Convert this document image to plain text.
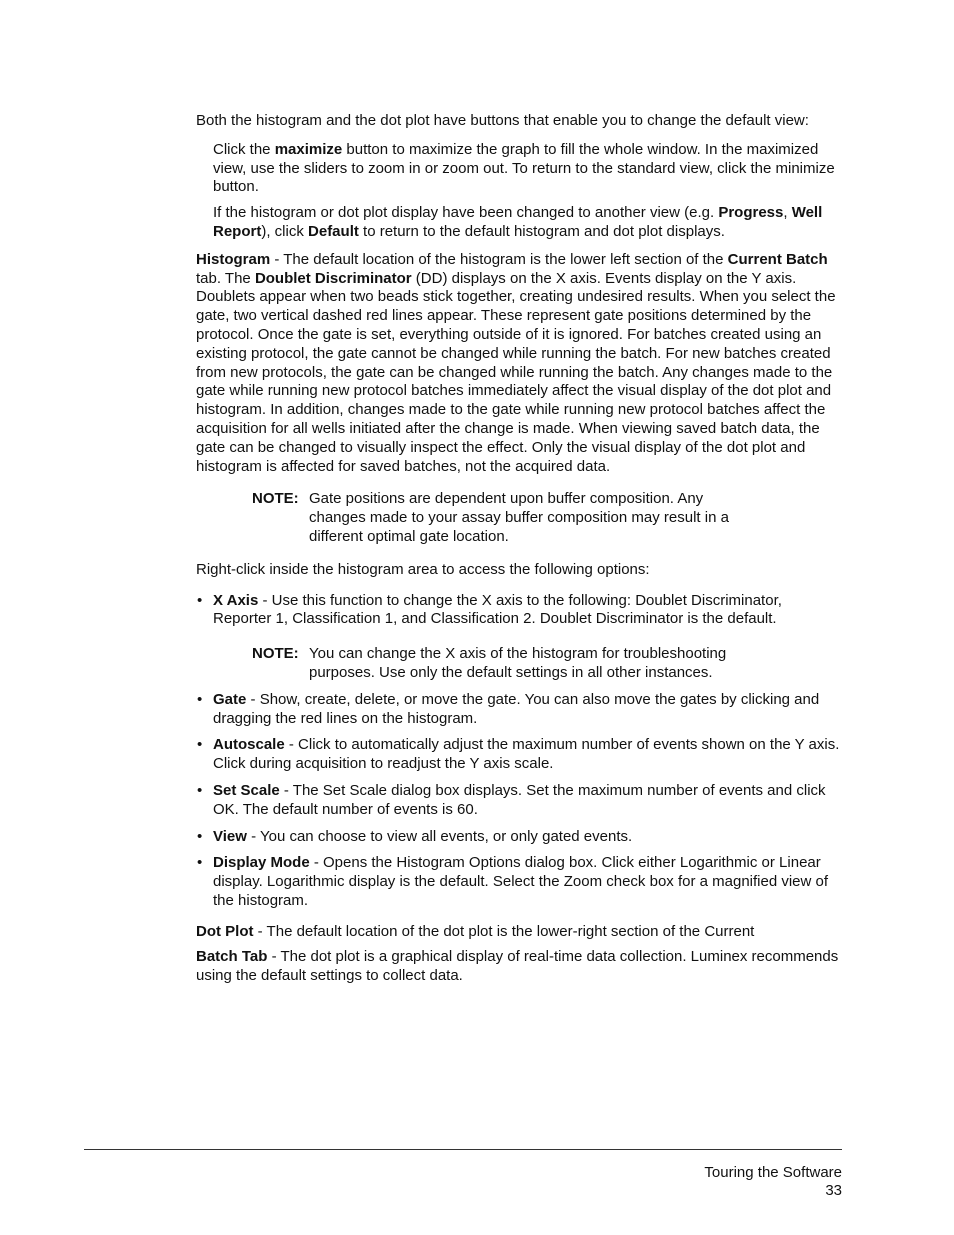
Both the histogram and the dot plot have buttons that enable you to change the default view:

Click the maximize button to maximize the graph to fill the whole window. In the maximized view, use the sliders to zoom in or zoom out. To return to the standard view, click the minimize button.

If the histogram or dot plot display have been changed to another view (e.g. Progress, Well Report), click Default to return to the default histogram and dot plot displays.

Histogram - The default location of the histogram is the lower left section of the Current Batch tab. The Doublet Discriminator (DD) displays on the X axis. Events display on the Y axis. Doublets appear when two beads stick together, creating undesired results. When you select the gate, two vertical dashed red lines appear. These represent gate positions determined by the protocol. Once the gate is set, everything outside of it is ignored. For batches created using an existing protocol, the gate cannot be changed while running the batch. For new batches created from new protocols, the gate can be changed while running the batch. Any changes made to the gate while running new protocol batches immediately affect the visual display of the dot plot and histogram. In addition, changes made to the gate while running new protocol batches affect the acquisition for all wells initiated after the change is made. When viewing saved batch data, the gate can be changed to visually inspect the effect. Only the visual display of the dot plot and histogram is affected for saved batches, not the acquired data.

NOTE: Gate positions are dependent upon buffer composition. Any changes made to your assay buffer composition may result in a different optimal gate location.

Right-click inside the histogram area to access the following options:

• X Axis - Use this function to change the X axis to the following: Doublet Discriminator, Reporter 1, Classification 1, and Classification 2. Doublet Discriminator is the default.
NOTE: You can change the X axis of the histogram for troubleshooting purposes. Use only the default settings in all other instances.
• Gate - Show, create, delete, or move the gate. You can also move the gates by clicking and dragging the red lines on the histogram.
• Autoscale - Click to automatically adjust the maximum number of events shown on the Y axis. Click during acquisition to readjust the Y axis scale.
• Set Scale - The Set Scale dialog box displays. Set the maximum number of events and click OK. The default number of events is 60.
• View - You can choose to view all events, or only gated events.
• Display Mode - Opens the Histogram Options dialog box. Click either Logarithmic or Linear display. Logarithmic display is the default. Select the Zoom check box for a magnified view of the histogram.

Dot Plot - The default location of the dot plot is the lower-right section of the Current

Batch Tab - The dot plot is a graphical display of real-time data collection. Luminex recommends using the default settings to collect data.

Touring the Software
33
